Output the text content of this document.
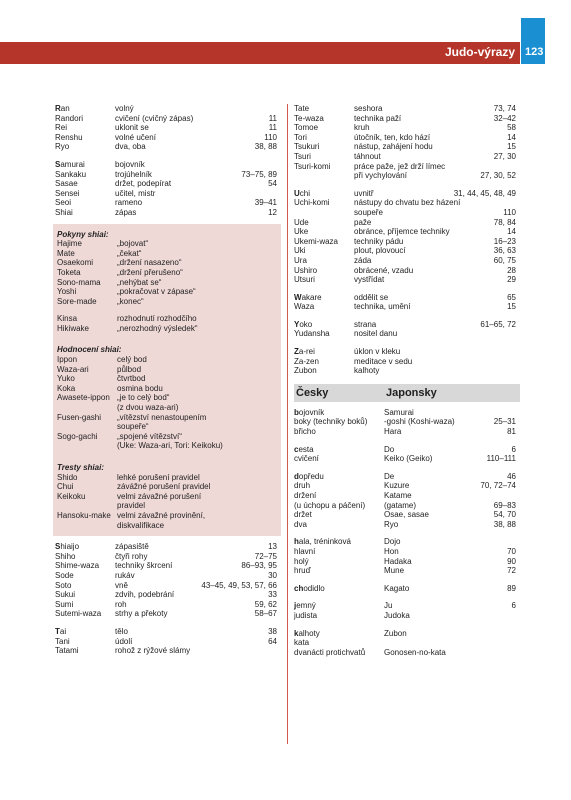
Judo-výrazy 123
Ran	volný
Randori	cvičení (cvičný zápas)	11
Rei	uklonit se	11
Renshu	volné učení	110
Ryo	dva, oba	38, 88
Samurai	bojovník
Sankaku	trojúhelník	73–75, 89
Sasae	držet, podepírat	54
Sensei	učitel, mistr
Seoi	rameno	39–41
Shiai	zápas	12
Pokyny shiai:
Hajime	„bojovat“
Mate	„čekat“
Osaekomi	„držení nasazeno“
Toketa	„držení přerušeno“
Sono-mama	„nehýbat se“
Yoshi	„pokračovat v zápase“
Sore-made	„konec“
Kinsa	rozhodnutí rozhodčího
Hikiwake	„nerozhodný výsledek“
Hodnocení shiai:
Ippon	celý bod
Waza-ari	půlbod
Yuko	čtvrtbod
Koka	osmina bodu
Awasete-ippon „je to celý bod“
(z dvou waza-ari)
Fusen-gashi	„vítězství nenastoupením
soupeře“
Sogo-gachi	„spojené vítězství“
(Uke: Waza-ari, Tori: Keikoku)
Tresty shiai:
Shido	lehké porušení pravidel
Chui	závážné porušení pravidel
Keikoku	velmi závažné porušení
pravidel
Hansoku-make velmi závažné provinění,
diskvalifikace
Shiaijo	zápasiště	13
Shiho	čtyři rohy	72–75
Shime-waza	techniky škrcení	86–93, 95
Sode	rukáv	30
Soto	vně	43–45, 49, 53, 57, 66
Sukui	zdvih, podebrání	33
Sumi	roh	59, 62
Sutemi-waza	strhy a překoty	58–67
Tai	tělo	38
Tani	údolí	64
Tatami	rohož z rýžové slámy
Tate	seshora	73, 74
Te-waza	technika paží	32–42
Tomoe	kruh	58
Tori	útočník, ten, kdo hází	14
Tsukuri	nástup, zahájení hodu	15
Tsuri	táhnout	27, 30
Tsuri-komi	práce paže, jež drží límec
při vychylování	27, 30, 52
Uchi	uvnitř	31, 44, 45, 48, 49
Uchi-komi	nástupy do chvatu bez házení
soupeře	110
Ude	paže	78, 84
Uke	obránce, příjemce techniky	14
Ukemi-waza	techniky pádu	16–23
Uki	plout, plovoucí	36, 63
Ura	záda	60, 75
Ushiro	obrácené, vzadu	28
Utsuri	vystřídat	29
Wakare	oddělit se	65
Waza	technika, umění	15
Yoko	strana	61–65, 72
Yudansha	nositel danu
Za-rei	úklon v kleku
Za-zen	meditace v sedu
Zubon	kalhoty
Česky	Japonsky
bojovník	Samurai
boky (techniky boků)	-goshi (Koshi-waza)	25–31
břicho	Hara	81
cesta	Do	6
cvičení	Keiko (Geiko)	110–111
dopředu	De	46
druh	Kuzure	70, 72–74
držení	Katame
(u úchopu a páčení)	(gatame)	69–83
držet	Osae, sasae	54, 70
dva	Ryo	38, 88
hala, tréninková	Dojo
hlavní	Hon	70
holý	Hadaka	90
hruď	Mune	72
chodidlo	Kagato	89
jemný	Ju	6
judista	Judoka
kalhoty	Zubon
kata
dvanácti protichvatů	Gonosen-no-kata
